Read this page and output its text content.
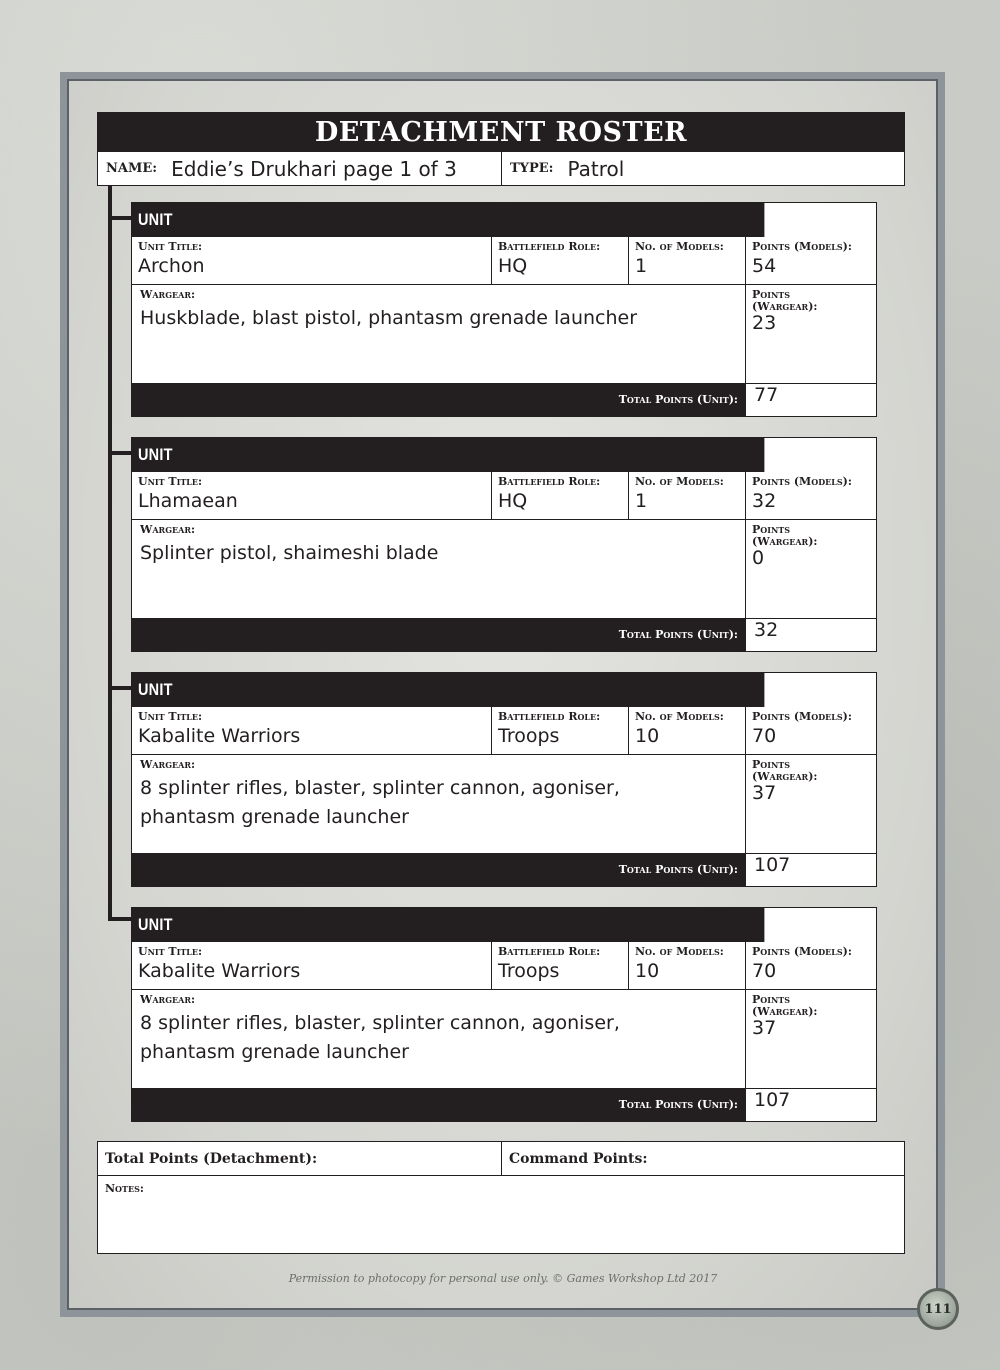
DETACHMENT ROSTER
NAME: Eddie’s Drukhari page 1 of 3	TYPE: Patrol
UNIT
Unit Title:
Archon
Battlefield Role:
HQ
No. of Models:
1
Points (Models):
54
Wargear:
Huskblade, blast pistol, phantasm grenade launcher
Points
(Wargear):
23
Total Points (Unit): 77
UNIT
Unit Title:
Lhamaean
Battlefield Role:
HQ
No. of Models:
1
Points (Models):
32
Wargear:
Splinter pistol, shaimeshi blade
Points
(Wargear):
0
Total Points (Unit): 32
UNIT
Unit Title:
Kabalite Warriors
Battlefield Role:
Troops
No. of Models:
10
Points (Models):
70
Wargear:
8 splinter rifles, blaster, splinter cannon, agoniser,
phantasm grenade launcher
Points
(Wargear):
37
Total Points (Unit): 107
UNIT
Unit Title:
Kabalite Warriors
Battlefield Role:
Troops
No. of Models:
10
Points (Models):
70
Wargear:
8 splinter rifles, blaster, splinter cannon, agoniser,
phantasm grenade launcher
Points
(Wargear):
37
Total Points (Unit): 107
Total Points (Detachment):	Command Points:
Notes:
Permission to photocopy for personal use only. © Games Workshop Ltd 2017
111
